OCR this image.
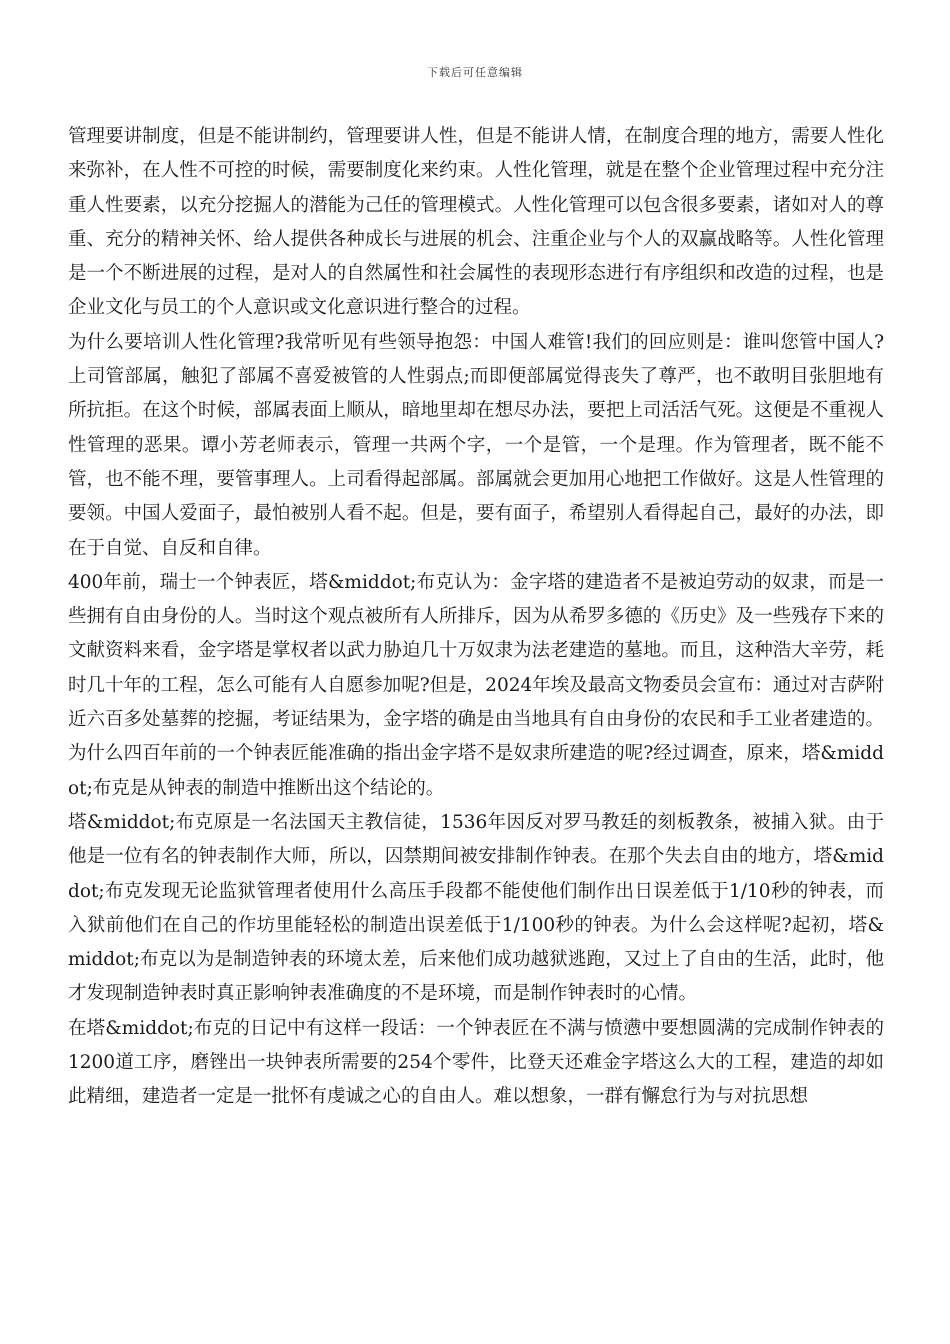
下载后可任意编辑

管理要讲制度，但是不能讲制约，管理要讲人性，但是不能讲人情，在制度合理的地方，需要人性化来弥补，在人性不可控的时候，需要制度化来约束。人性化管理，就是在整个企业管理过程中充分注重人性要素，以充分挖掘人的潜能为己任的管理模式。人性化管理可以包含很多要素，诸如对人的尊重、充分的精神关怀、给人提供各种成长与进展的机会、注重企业与个人的双赢战略等。人性化管理是一个不断进展的过程，是对人的自然属性和社会属性的表现形态进行有序组织和改造的过程，也是企业文化与员工的个人意识或文化意识进行整合的过程。

为什么要培训人性化管理?我常听见有些领导抱怨：中国人难管!我们的回应则是：谁叫您管中国人?上司管部属，触犯了部属不喜爱被管的人性弱点;而即便部属觉得丧失了尊严，也不敢明目张胆地有所抗拒。在这个时候，部属表面上顺从，暗地里却在想尽办法，要把上司活活气死。这便是不重视人性管理的恶果。谭小芳老师表示，管理一共两个字，一个是管，一个是理。作为管理者，既不能不管，也不能不理，要管事理人。上司看得起部属。部属就会更加用心地把工作做好。这是人性管理的要领。中国人爱面子，最怕被别人看不起。但是，要有面子，希望别人看得起自己，最好的办法，即在于自觉、自反和自律。

400年前，瑞士一个钟表匠，塔&middot;布克认为：金字塔的建造者不是被迫劳动的奴隶，而是一些拥有自由身份的人。当时这个观点被所有人所排斥，因为从希罗多德的《历史》及一些残存下来的文献资料来看，金字塔是掌权者以武力胁迫几十万奴隶为法老建造的墓地。而且，这种浩大辛劳，耗时几十年的工程，怎么可能有人自愿参加呢?但是，2024年埃及最高文物委员会宣布：通过对吉萨附近六百多处墓葬的挖掘，考证结果为，金字塔的确是由当地具有自由身份的农民和手工业者建造的。为什么四百年前的一个钟表匠能准确的指出金字塔不是奴隶所建造的呢?经过调查，原来，塔&middot;布克是从钟表的制造中推断出这个结论的。

塔&middot;布克原是一名法国天主教信徒，1536年因反对罗马教廷的刻板教条，被捕入狱。由于他是一位有名的钟表制作大师，所以，囚禁期间被安排制作钟表。在那个失去自由的地方，塔&middot;布克发现无论监狱管理者使用什么高压手段都不能使他们制作出日误差低于1/10秒的钟表，而入狱前他们在自己的作坊里能轻松的制造出误差低于1/100秒的钟表。为什么会这样呢?起初，塔&middot;布克以为是制造钟表的环境太差，后来他们成功越狱逃跑，又过上了自由的生活，此时，他才发现制造钟表时真正影响钟表准确度的不是环境，而是制作钟表时的心情。

在塔&middot;布克的日记中有这样一段话：一个钟表匠在不满与愤懑中要想圆满的完成制作钟表的1200道工序，磨锉出一块钟表所需要的254个零件，比登天还难金字塔这么大的工程，建造的却如此精细，建造者一定是一批怀有虔诚之心的自由人。难以想象，一群有懈怠行为与对抗思想
